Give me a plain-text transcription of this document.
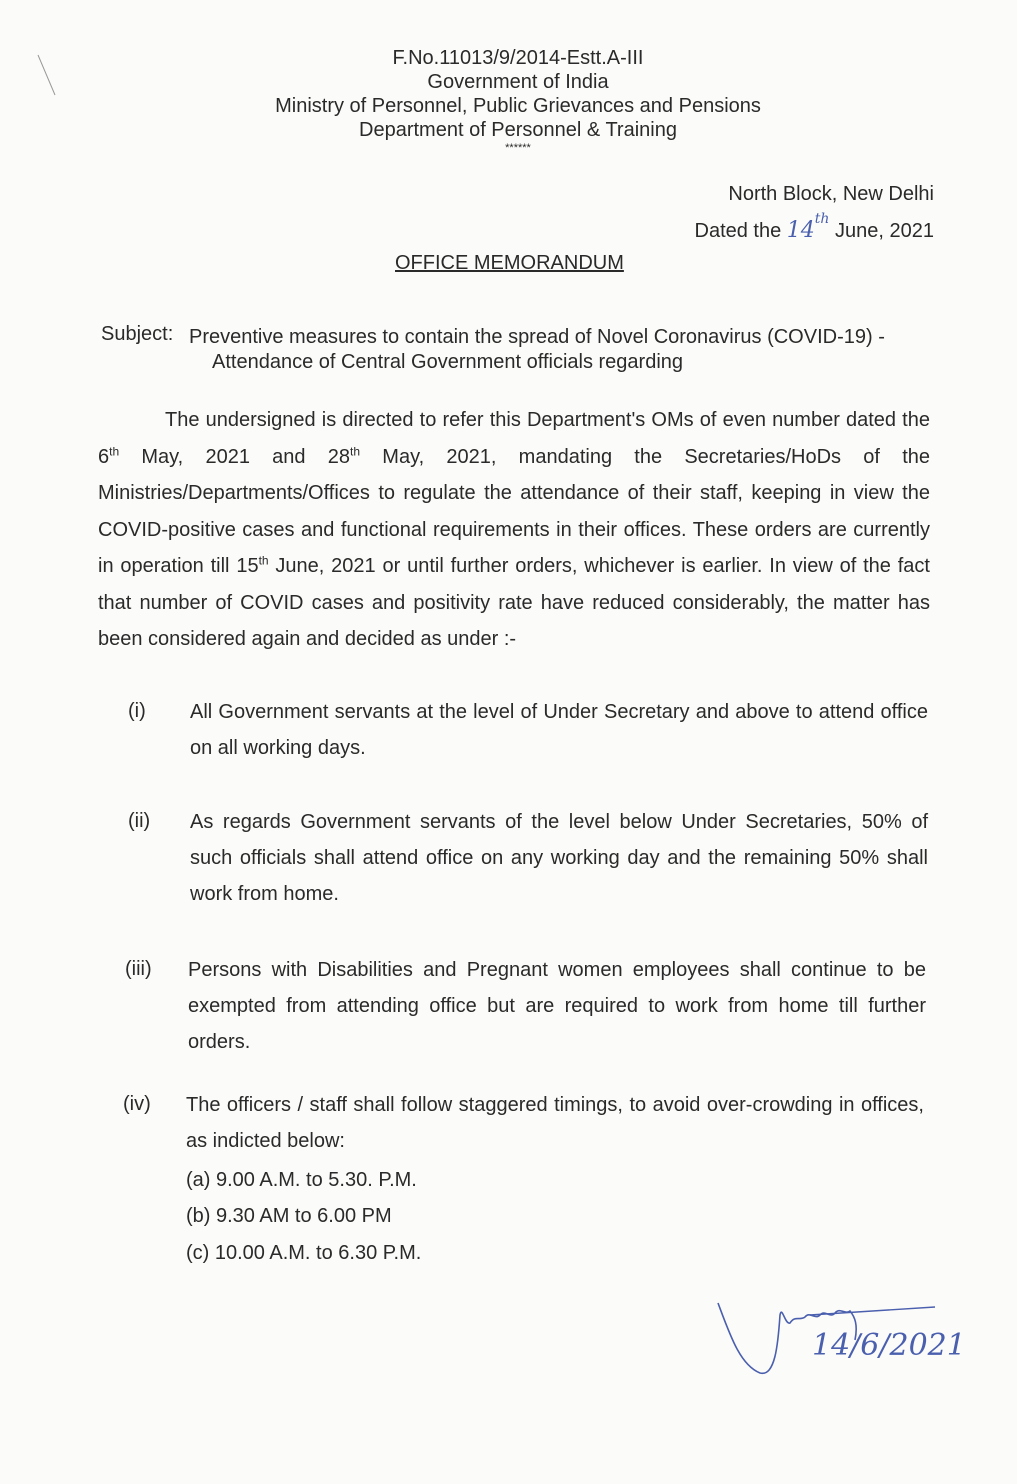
F.No.11013/9/2014-Estt.A-III
Government of India
Ministry of Personnel, Public Grievances and Pensions
Department of Personnel & Training
******
North Block, New Delhi
Dated the 14th June, 2021
OFFICE MEMORANDUM
Subject: Preventive measures to contain the spread of Novel Coronavirus (COVID-19) -
Attendance of Central Government officials regarding
The undersigned is directed to refer this Department's OMs of even number dated the 6th May, 2021 and 28th May, 2021, mandating the Secretaries/HoDs of the Ministries/Departments/Offices to regulate the attendance of their staff, keeping in view the COVID-positive cases and functional requirements in their offices. These orders are currently in operation till 15th June, 2021 or until further orders, whichever is earlier. In view of the fact that number of COVID cases and positivity rate have reduced considerably, the matter has been considered again and decided as under :-
(i) All Government servants at the level of Under Secretary and above to attend office on all working days.
(ii) As regards Government servants of the level below Under Secretaries, 50% of such officials shall attend office on any working day and the remaining 50% shall work from home.
(iii) Persons with Disabilities and Pregnant women employees shall continue to be exempted from attending office but are required to work from home till further orders.
(iv) The officers / staff shall follow staggered timings, to avoid over-crowding in offices, as indicted below:
(a) 9.00 A.M. to 5.30. P.M.
(b) 9.30 AM to 6.00 PM
(c) 10.00 A.M. to 6.30 P.M.
14/6/2021
